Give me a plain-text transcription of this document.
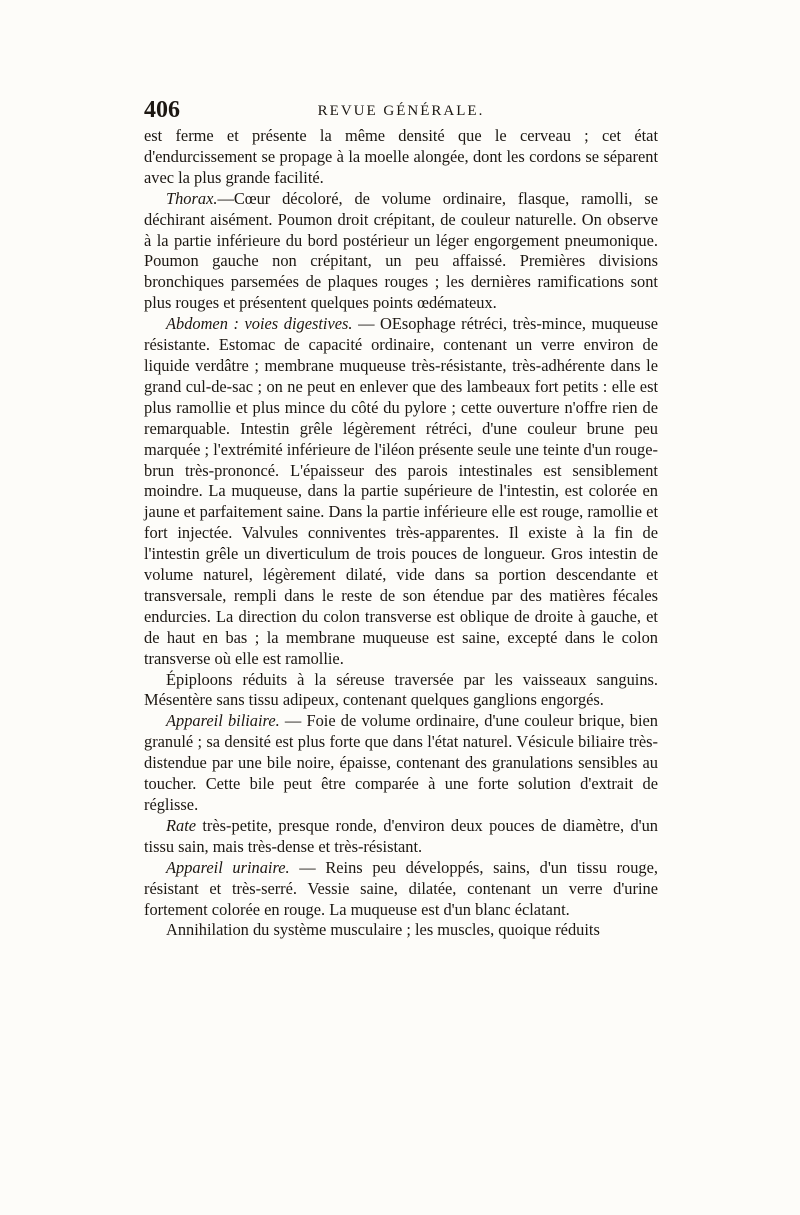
406	REVUE GÉNÉRALE.

est ferme et présente la même densité que le cerveau ; cet état d'endurcissement se propage à la moelle alongée, dont les cordons se séparent avec la plus grande facilité.

Thorax.—Cœur décoloré, de volume ordinaire, flasque, ramolli, se déchirant aisément. Poumon droit crépitant, de couleur naturelle. On observe à la partie inférieure du bord postérieur un léger engorgement pneumonique. Poumon gauche non crépitant, un peu affaissé. Premières divisions bronchiques parsemées de plaques rouges ; les dernières ramifications sont plus rouges et présentent quelques points œdémateux.

Abdomen : voies digestives. — OEsophage rétréci, très-mince, muqueuse résistante. Estomac de capacité ordinaire, contenant un verre environ de liquide verdâtre ; membrane muqueuse très-résistante, très-adhérente dans le grand cul-de-sac ; on ne peut en enlever que des lambeaux fort petits : elle est plus ramollie et plus mince du côté du pylore ; cette ouverture n'offre rien de remarquable. Intestin grêle légèrement rétréci, d'une couleur brune peu marquée ; l'extrémité inférieure de l'iléon présente seule une teinte d'un rouge-brun très-prononcé. L'épaisseur des parois intestinales est sensiblement moindre. La muqueuse, dans la partie supérieure de l'intestin, est colorée en jaune et parfaitement saine. Dans la partie inférieure elle est rouge, ramollie et fort injectée. Valvules conniventes très-apparentes. Il existe à la fin de l'intestin grêle un diverticulum de trois pouces de longueur. Gros intestin de volume naturel, légèrement dilaté, vide dans sa portion descendante et transversale, rempli dans le reste de son étendue par des matières fécales endurcies. La direction du colon transverse est oblique de droite à gauche, et de haut en bas ; la membrane muqueuse est saine, excepté dans le colon transverse où elle est ramollie.

Épiploons réduits à la séreuse traversée par les vaisseaux sanguins. Mésentère sans tissu adipeux, contenant quelques ganglions engorgés.

Appareil biliaire. — Foie de volume ordinaire, d'une couleur brique, bien granulé ; sa densité est plus forte que dans l'état naturel. Vésicule biliaire très-distendue par une bile noire, épaisse, contenant des granulations sensibles au toucher. Cette bile peut être comparée à une forte solution d'extrait de réglisse.

Rate très-petite, presque ronde, d'environ deux pouces de diamètre, d'un tissu sain, mais très-dense et très-résistant.

Appareil urinaire. — Reins peu développés, sains, d'un tissu rouge, résistant et très-serré. Vessie saine, dilatée, contenant un verre d'urine fortement colorée en rouge. La muqueuse est d'un blanc éclatant.

Annihilation du système musculaire ; les muscles, quoique réduits
